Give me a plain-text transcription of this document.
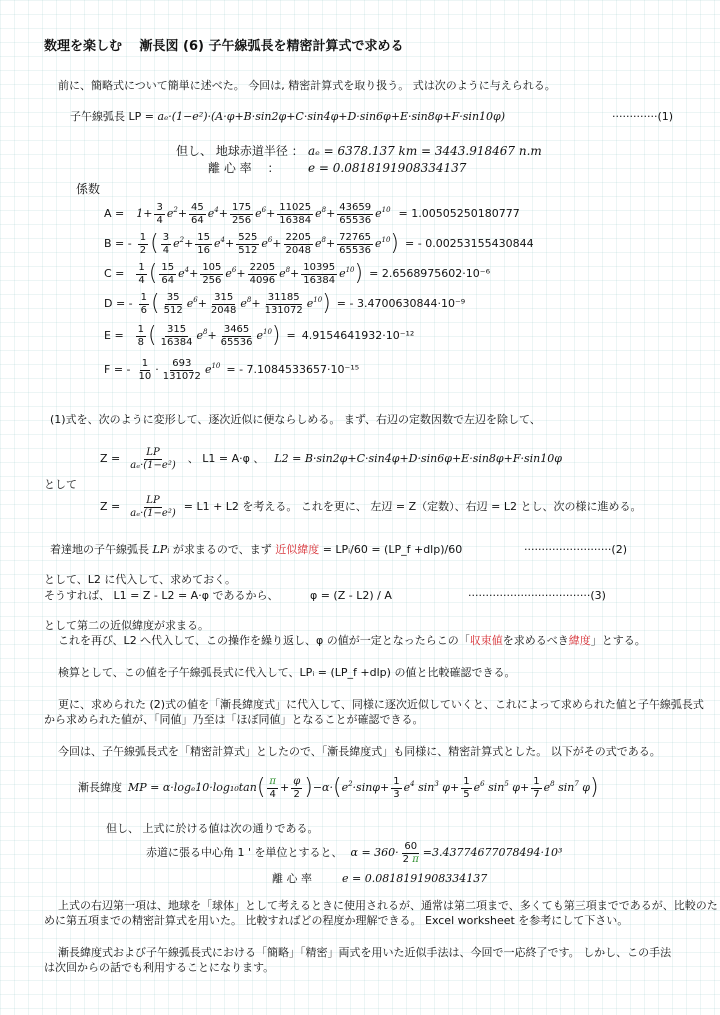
数理を楽しむ　 漸長図 (6) 子午線弧長を精密計算式で求める
前に、簡略式について簡単に述べた。 今回は, 精密計算式を取り扱う。 式は次のように与えられる。
子午線弧長 LP = aₑ·(1−e²)·(A·φ+B·sin2φ+C·sin4φ+D·sin6φ+E·sin8φ+F·sin10φ)	·············(1)
但し、 地球赤道半径 ： aₑ = 6378.137 km = 3443.918467 n.m
離 心 率 　： e = 0.0818191908334137
係数
$A = 1+ \frac{3}{4} e^2+ \frac{45}{64} e^4+ \frac{175}{256} e^6+ \frac{11025}{16384} e^8+ \frac{43659}{65536} e^{10} = 1.00505250180777$
B = - $\frac{1}{2}$ ( $\frac{3}{4} e^2+ \frac{15}{16} e^4+ \frac{525}{512} e^6+ \frac{2205}{2048} e^8+ \frac{72765}{65536} e^{10}$ ) = - 0.00253155430844
$C = \frac{1}{4}$ ( $\frac{15}{64} e^4+ \frac{105}{256} e^6+ \frac{2205}{4096} e^8+ \frac{10395}{16384} e^{10}$ ) = 2.6568975602·10⁻⁶
D = - $\frac{1}{6}$ ( $\frac{35}{512} e^6+ \frac{315}{2048} e^8+ \frac{31185}{131072} e^{10}$ ) = - 3.4700630844·10⁻⁹
$E = \frac{1}{8}$ ( $\frac{315}{16384} e^8+ \frac{3465}{65536} e^{10}$ ) = 4.9154641932·10⁻¹²
F = - $\frac{1}{10} \cdot \frac{693}{131072} e^{10}$ = - 7.1084533657·10⁻¹⁵
(1)式を、次のように変形して、逐次近似に便ならしめる。 まず、右辺の定数因数で左辺を除して、
$Z = \frac{LP}{\text{aₑ·(1−e²)}}$ 、 L1 = A·φ 、 L2 = B·sin2φ+C·sin4φ+D·sin6φ+E·sin8φ+F·sin10φ
として
$Z = \frac{LP}{\text{aₑ·(1−e²)}} = L1 + L2$ を考える。 これを更に、 左辺 = Z（定数）、右辺 = L2 とし、次の様に進める。
着達地の子午線弧長 LPᵢ が求まるので、まず 近似緯度 = LPᵢ/60 = (LP_f +dlp)/60	·························(2)
として、L2 に代入して、求めておく。
そうすれば、 L1 = Z - L2 = A·φ であるから、	φ = (Z - L2) / A	···································(3)
として第二の近似緯度が求まる。
これを再び、L2 へ代入して、この操作を繰り返し、φ の値が一定となったらこの「収束値を求めるべき緯度」とする。
検算として、この値を子午線弧長式に代入して、LPᵢ = (LP_f +dlp) の値と比較確認できる。
更に、求められた (2)式の値を「漸長緯度式」に代入して、同様に逐次近似していくと、これによって求められた値と子午線弧長式
から求められた値が、「同値」乃至は「ほぼ同値」となることが確認できる。
今回は、子午線弧長式を「精密計算式」としたので、「漸長緯度式」も同様に、精密計算式とした。 以下がその式である。
漸長緯度 MP = α·logₑ10·log₁₀tan ( $\frac{\pi}{4} + \frac{\varphi}{2}$ ) −α· ( $e^2\cdot\sin\varphi+ \frac{1}{3} e^4$ $\sin^3 \varphi+ \frac{1}{5} e^6$ $\sin^5 \varphi+ \frac{1}{7} e^8$ $\sin^7 \varphi$ )
但し、 上式に於ける値は次の通りである。
赤道に張る中心角 1 ' を単位とすると、 $\alpha = 360\cdot \frac{60}{2 \pi} =3.43774677078494\cdot 10^3$
離 心 率	e = 0.0818191908334137
上式の右辺第一項は、地球を「球体」として考えるときに使用されるが、通常は第二項まで、多くても第三項までであるが、比較のた
めに第五項までの精密計算式を用いた。 比較すればどの程度か理解できる。 Excel worksheet を参考にして下さい。
漸長緯度式および子午線弧長式における「簡略」「精密」両式を用いた近似手法は、今回で一応終了です。 しかし、この手法
は次回からの話でも利用することになります。
